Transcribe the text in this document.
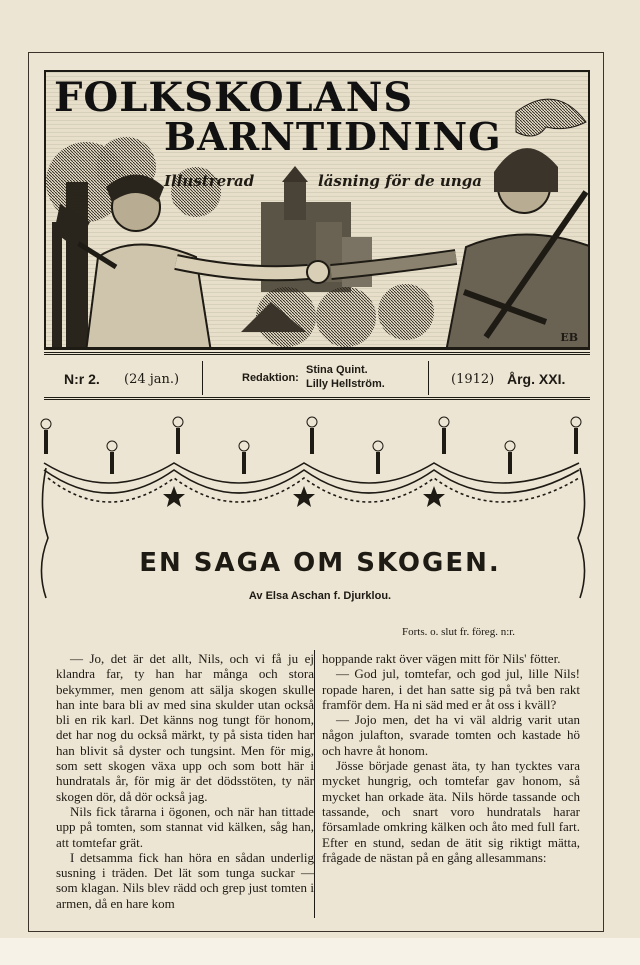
FOLKSKOLANS
BARNTIDNING
Illustrerad	läsning för de unga
EB
N:r 2. (24 jan.)	Redaktion:
Stina Quint.
Lilly Hellström.	(1912) Årg. XXI.
EN SAGA OM SKOGEN.
Av Elsa Aschan f. Djurklou.
Forts. o. slut fr. föreg. n:r.

— Jo, det är det allt, Nils, och vi få ju ej klandra far, ty han har många och stora bekymmer, men genom att sälja skogen skulle han inte bara bli av med sina skulder utan också bli en rik karl. Det känns nog tungt för honom, det har nog du också märkt, ty på sista tiden har han blivit så dyster och tungsint. Men för mig, som sett skogen växa upp och som bott här i hundratals år, för mig är det dödsstöten, ty när skogen dör, då dör också jag.

Nils fick tårarna i ögonen, och när han tittade upp på tomten, som stannat vid kälken, såg han, att tomtefar grät.

I detsamma fick han höra en sådan underlig susning i träden. Det lät som tunga suckar — som klagan. Nils blev rädd och grep just tomten i armen, då en hare kom

hoppande rakt över vägen mitt för Nils' fötter.

— God jul, tomtefar, och god jul, lille Nils! ropade haren, i det han satte sig på två ben rakt framför dem. Ha ni säd med er åt oss i kväll?

— Jojo men, det ha vi väl aldrig varit utan någon julafton, svarade tomten och kastade hö och havre åt honom.

Jösse började genast äta, ty han tycktes vara mycket hungrig, och tomtefar gav honom, så mycket han orkade äta. Nils hörde tassande och tassande, och snart voro hundratals harar församlade omkring kälken och åto med full fart. Efter en stund, sedan de ätit sig riktigt mätta, frågade de nästan på en gång allesammans:
